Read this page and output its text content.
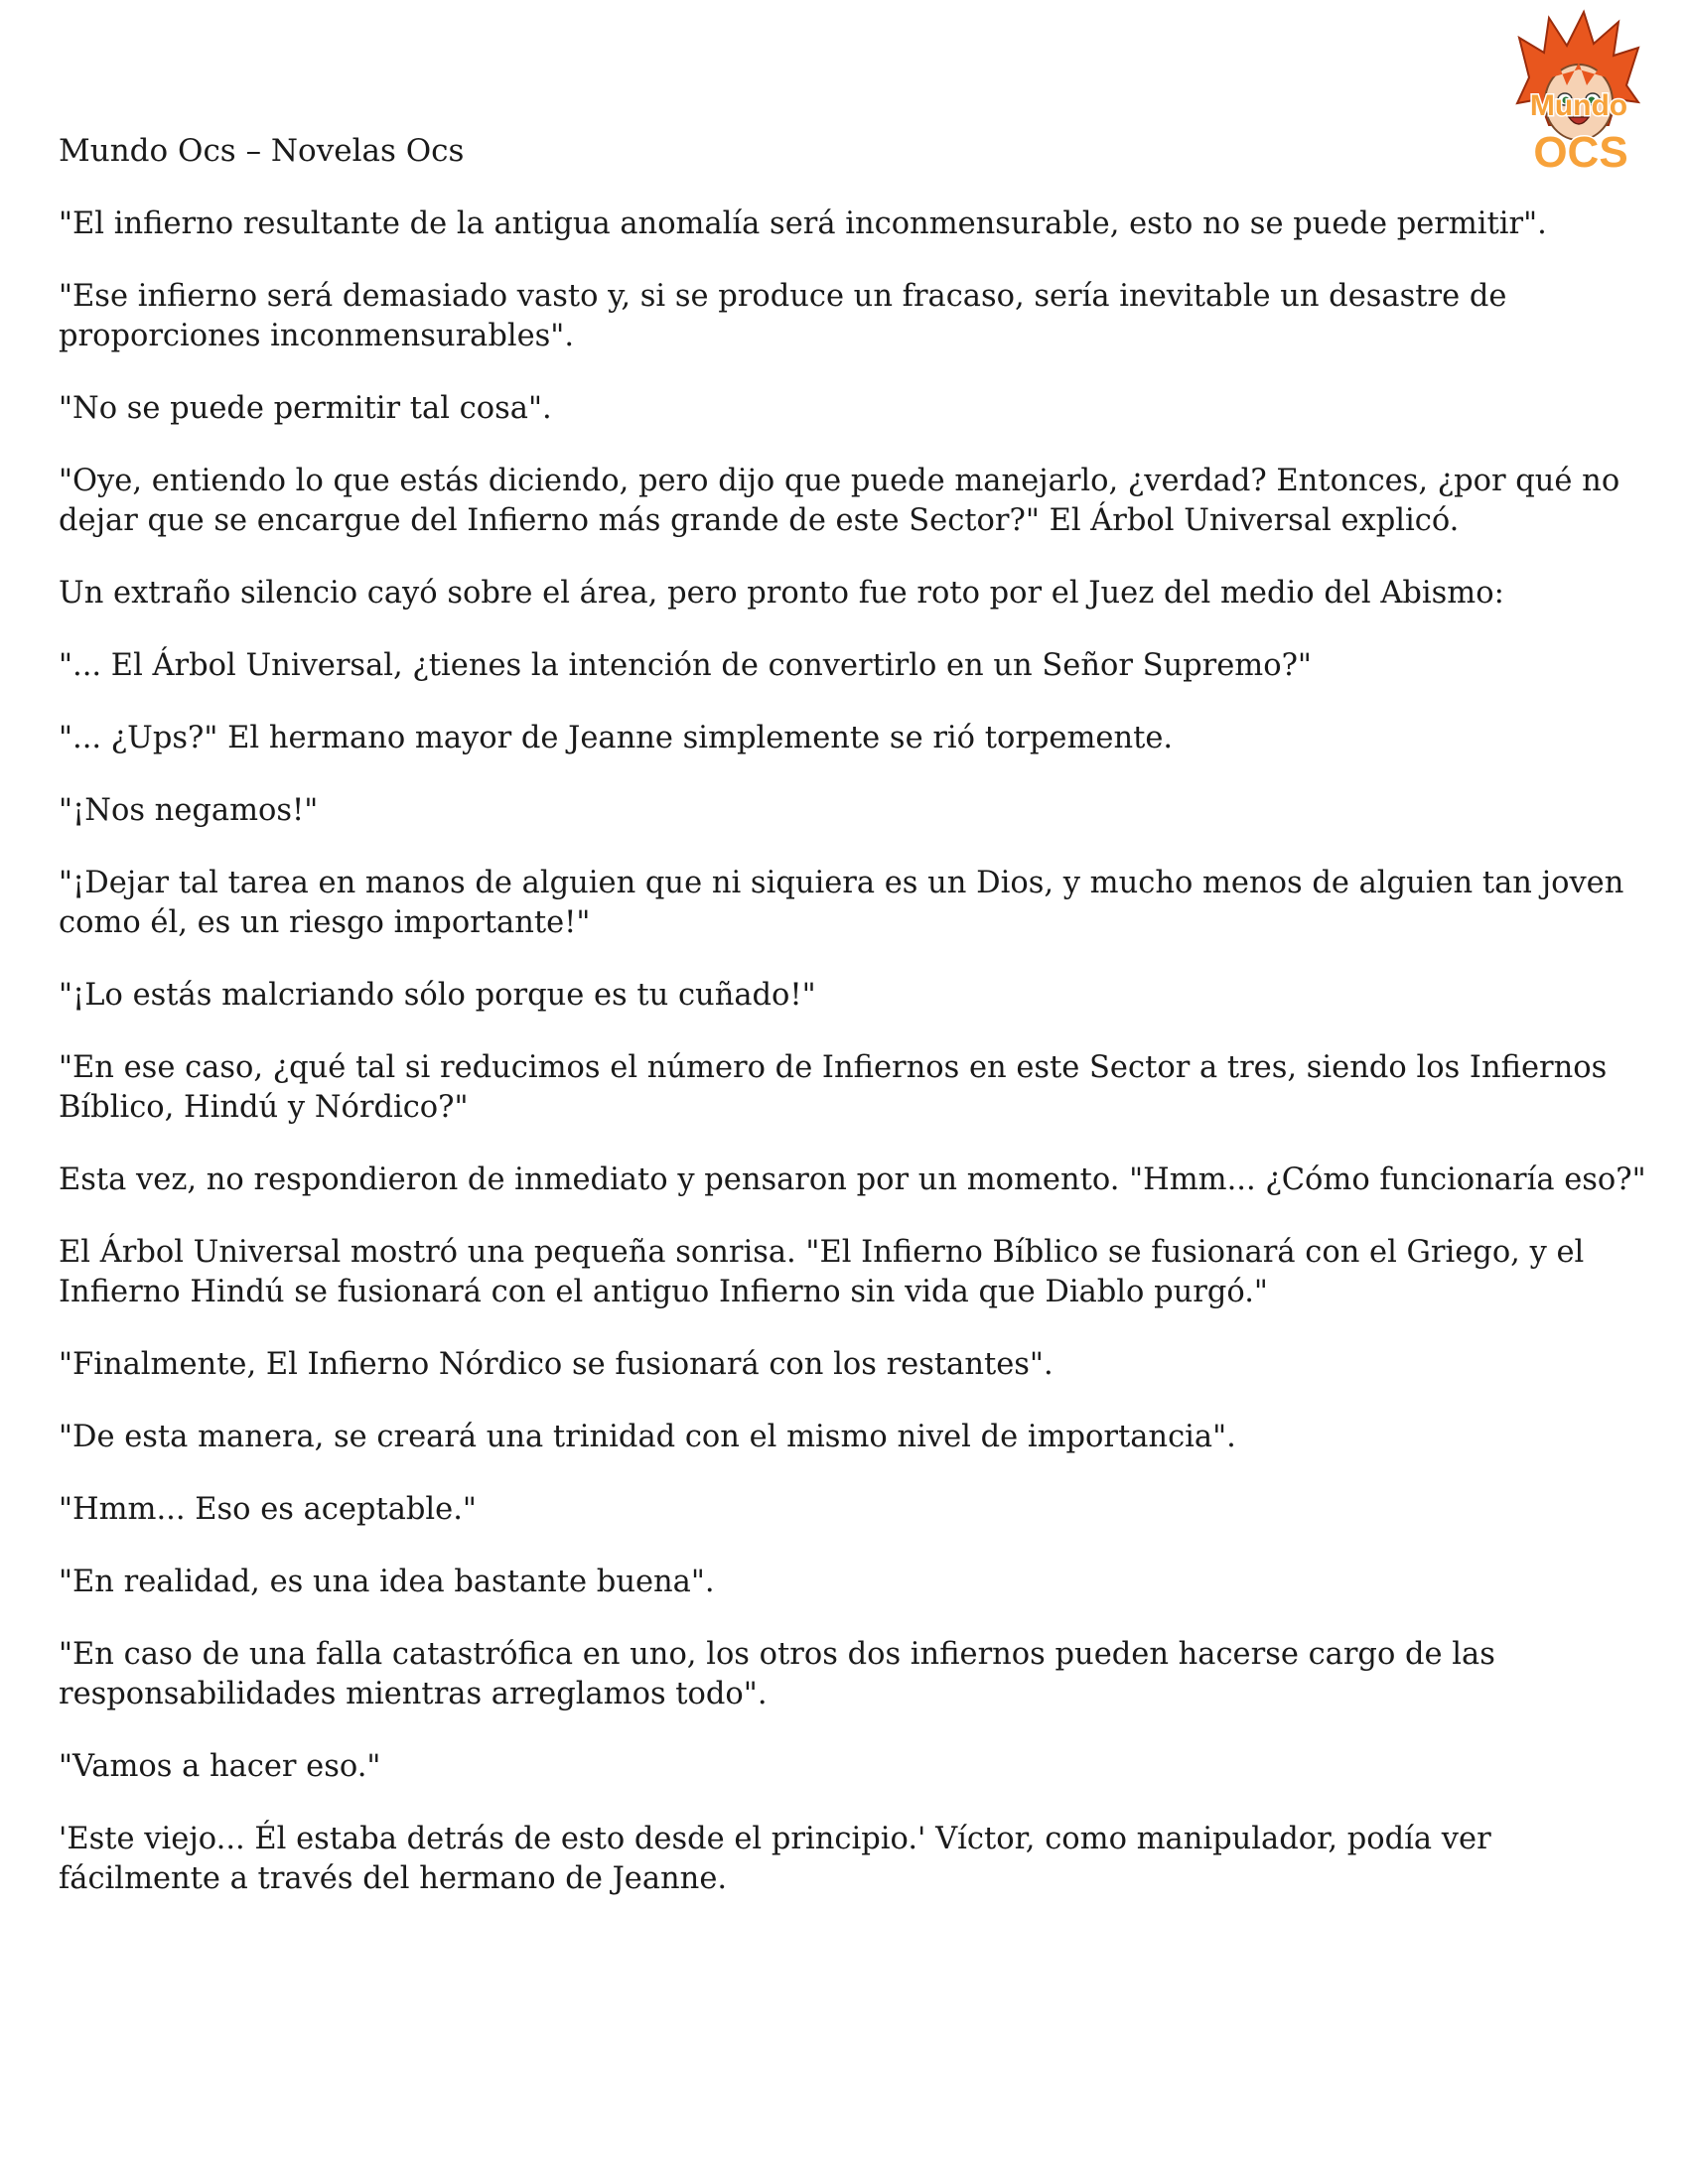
Mundo Ocs – Novelas Ocs
Mundo
OCS

"El infierno resultante de la antigua anomalía será inconmensurable, esto no se puede permitir".

"Ese infierno será demasiado vasto y, si se produce un fracaso, sería inevitable un desastre de proporciones inconmensurables".

"No se puede permitir tal cosa".

"Oye, entiendo lo que estás diciendo, pero dijo que puede manejarlo, ¿verdad? Entonces, ¿por qué no dejar que se encargue del Infierno más grande de este Sector?" El Árbol Universal explicó.

Un extraño silencio cayó sobre el área, pero pronto fue roto por el Juez del medio del Abismo:

"... El Árbol Universal, ¿tienes la intención de convertirlo en un Señor Supremo?"

"... ¿Ups?" El hermano mayor de Jeanne simplemente se rió torpemente.

"¡Nos negamos!"

"¡Dejar tal tarea en manos de alguien que ni siquiera es un Dios, y mucho menos de alguien tan joven como él, es un riesgo importante!"

"¡Lo estás malcriando sólo porque es tu cuñado!"

"En ese caso, ¿qué tal si reducimos el número de Infiernos en este Sector a tres, siendo los Infiernos Bíblico, Hindú y Nórdico?"

Esta vez, no respondieron de inmediato y pensaron por un momento. "Hmm... ¿Cómo funcionaría eso?"

El Árbol Universal mostró una pequeña sonrisa. "El Infierno Bíblico se fusionará con el Griego, y el Infierno Hindú se fusionará con el antiguo Infierno sin vida que Diablo purgó."

"Finalmente, El Infierno Nórdico se fusionará con los restantes".

"De esta manera, se creará una trinidad con el mismo nivel de importancia".

"Hmm... Eso es aceptable."

"En realidad, es una idea bastante buena".

"En caso de una falla catastrófica en uno, los otros dos infiernos pueden hacerse cargo de las responsabilidades mientras arreglamos todo".

"Vamos a hacer eso."

'Este viejo... Él estaba detrás de esto desde el principio.' Víctor, como manipulador, podía ver fácilmente a través del hermano de Jeanne.
